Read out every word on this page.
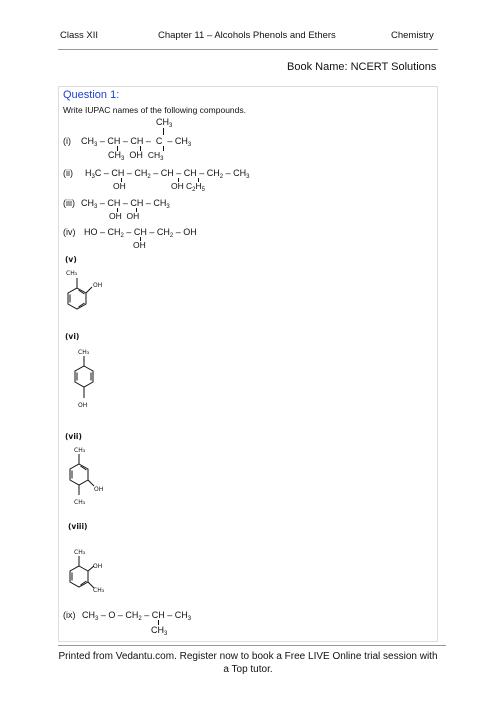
Class XII	Chapter 11 – Alcohols Phenols and Ethers	Chemistry
Book Name: NCERT Solutions
Question 1:
Write IUPAC names of the following compounds.
$CH_3$
(i) $CH_3$ – CH – CH –  C  – $CH_3$
$CH_3$  OH  $CH_3$
(ii) $H_3C$ – CH – $CH_2$ – CH – CH – $CH_2 - CH_3$
OH	OH $C_2H_5$
(iii) $CH_3$ – CH – CH – $CH_3$
OH  OH
(iv) HO – $CH_2$ – CH – $CH_2$ – OH
OH
(v)
CH₃
OH
(vi)
CH₃
OH
(vii)
CH₃
OH
CH₃
(viii)
CH₃
OH
CH₃
(ix) $CH_3$ – O – $CH_2$ – CH – $CH_3$
$CH_3$
Printed from Vedantu.com. Register now to book a Free LIVE Online trial session with
a Top tutor.
